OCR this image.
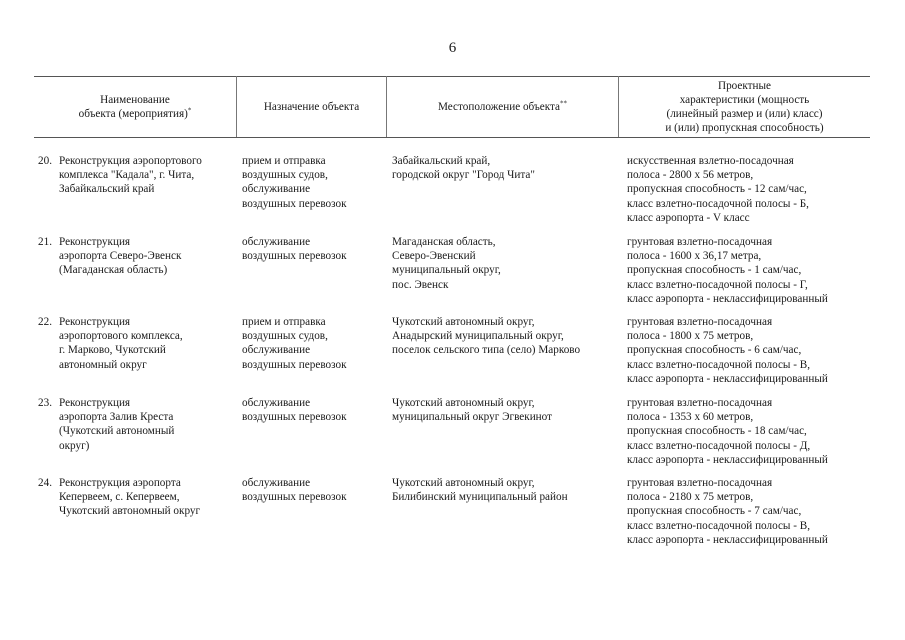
6
Наименование
объекта (мероприятия)*	Назначение объекта	Местоположение объекта**
Проектные
характеристики (мощность
(линейный размер и (или) класс)
и (или) пропускная способность)
20. Реконструкция аэропортового
комплекса "Кадала", г. Чита,
Забайкальский край
прием и отправка
воздушных судов,
обслуживание
воздушных перевозок
Забайкальский край,
городской округ "Город Чита"
искусственная взлетно-посадочная
полоса - 2800 х 56 метров,
пропускная способность - 12 сам/час,
класс взлетно-посадочной полосы - Б,
класс аэропорта - V класс
21. Реконструкция
аэропорта Северо-Эвенск
(Магаданская область)
обслуживание
воздушных перевозок
Магаданская область,
Северо-Эвенский
муниципальный округ,
пос. Эвенск
грунтовая взлетно-посадочная
полоса - 1600 х 36,17 метра,
пропускная способность - 1 сам/час,
класс взлетно-посадочной полосы - Г,
класс аэропорта - неклассифицированный
22. Реконструкция
аэропортового комплекса,
г. Марково, Чукотский
автономный округ
прием и отправка
воздушных судов,
обслуживание
воздушных перевозок
Чукотский автономный округ,
Анадырский муниципальный округ,
поселок сельского типа (село) Марково
грунтовая взлетно-посадочная
полоса - 1800 х 75 метров,
пропускная способность - 6 сам/час,
класс взлетно-посадочной полосы - В,
класс аэропорта - неклассифицированный
23. Реконструкция
аэропорта Залив Креста
(Чукотский автономный
округ)
обслуживание
воздушных перевозок
Чукотский автономный округ,
муниципальный округ Эгвекинот
грунтовая взлетно-посадочная
полоса - 1353 х 60 метров,
пропускная способность - 18 сам/час,
класс взлетно-посадочной полосы - Д,
класс аэропорта - неклассифицированный
24. Реконструкция аэропорта
Кепервеем, с. Кепервеем,
Чукотский автономный округ
обслуживание
воздушных перевозок
Чукотский автономный округ,
Билибинский муниципальный район
грунтовая взлетно-посадочная
полоса - 2180 х 75 метров,
пропускная способность - 7 сам/час,
класс взлетно-посадочной полосы - В,
класс аэропорта - неклассифицированный
